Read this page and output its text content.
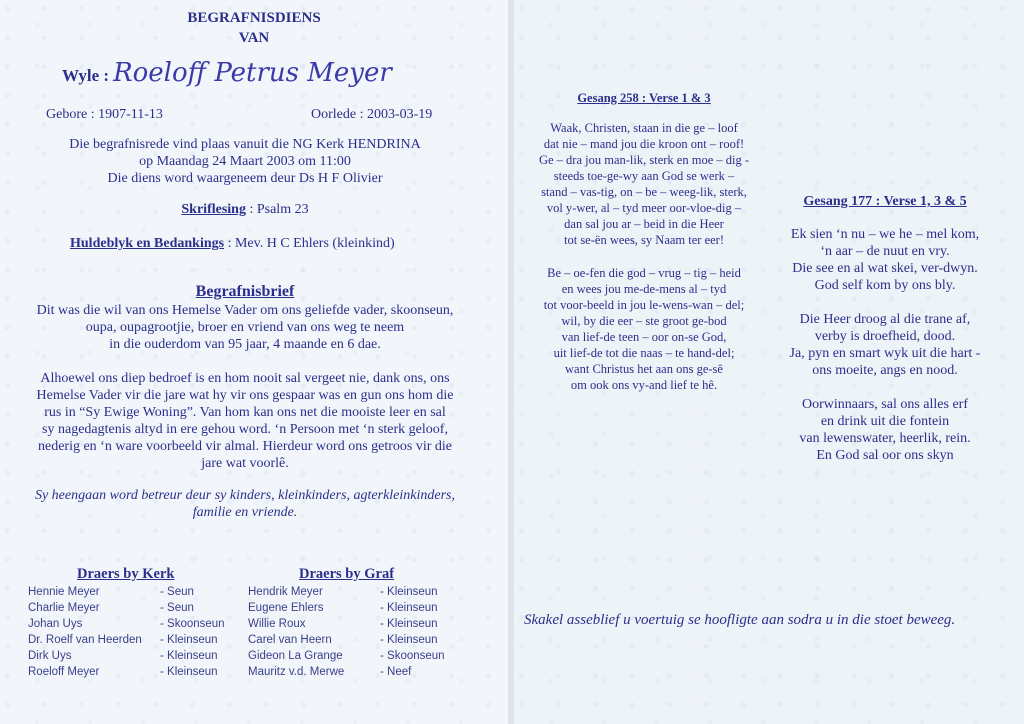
BEGRAFNISDIENS
VAN
Wyle : Roeloff Petrus Meyer
Gebore : 1907-11-13	Oorlede : 2003-03-19
Die begrafnisrede vind plaas vanuit die NG Kerk HENDRINA
op Maandag 24 Maart 2003 om 11:00
Die diens word waargeneem deur Ds H F Olivier
Skriflesing : Psalm 23
Huldeblyk en Bedankings : Mev. H C Ehlers (kleinkind)
Begrafnisbrief
Dit was die wil van ons Hemelse Vader om ons geliefde vader, skoonseun,
oupa, oupagrootjie, broer en vriend van ons weg te neem
in die ouderdom van 95 jaar, 4 maande en 6 dae.
Alhoewel ons diep bedroef is en hom nooit sal vergeet nie, dank ons, ons
Hemelse Vader vir die jare wat hy vir ons gespaar was en gun ons hom die
rus in “Sy Ewige Woning”. Van hom kan ons net die mooiste leer en sal
sy nagedagtenis altyd in ere gehou word. ‘n Persoon met ‘n sterk geloof,
nederig en ‘n ware voorbeeld vir almal. Hierdeur word ons getroos vir die
jare wat voorlê.
Sy heengaan word betreur deur sy kinders, kleinkinders, agterkleinkinders,
familie en vriende.
Draers by Kerk
Hennie Meyer	- Seun
Charlie Meyer	- Seun
Johan Uys	- Skoonseun
Dr. Roelf van Heerden	- Kleinseun
Dirk Uys	- Kleinseun
Roeloff Meyer	- Kleinseun
Draers by Graf
Hendrik Meyer	- Kleinseun
Eugene Ehlers	- Kleinseun
Willie Roux	- Kleinseun
Carel van Heern	- Kleinseun
Gideon La Grange	- Skoonseun
Mauritz v.d. Merwe	- Neef
Gesang 258 : Verse 1 & 3
Waak, Christen, staan in die ge – loof
dat nie – mand jou die kroon ont – roof!
Ge – dra jou man-lik, sterk en moe – dig -
steeds toe-ge-wy aan God se werk –
stand – vas-tig, on – be – weeg-lik, sterk,
vol y-wer, al – tyd meer oor-vloe-dig –
dan sal jou ar – beid in die Heer
tot se-ën wees, sy Naam ter eer!
Be – oe-fen die god – vrug – tig – heid
en wees jou me-de-mens al – tyd
tot voor-beeld in jou le-wens-wan – del;
wil, by die eer – ste groot ge-bod
van lief-de teen – oor on-se God,
uit lief-de tot die naas – te hand-del;
want Christus het aan ons ge-sê
om ook ons vy-and lief te hê.
Gesang 177 : Verse 1, 3 & 5
Ek sien ‘n nu – we he – mel kom,
‘n aar – de nuut en vry.
Die see en al wat skei, ver-dwyn.
God self kom by ons bly.
Die Heer droog al die trane af,
verby is droefheid, dood.
Ja, pyn en smart wyk uit die hart -
ons moeite, angs en nood.
Oorwinnaars, sal ons alles erf
en drink uit die fontein
van lewenswater, heerlik, rein.
En God sal oor ons skyn
Skakel asseblief u voertuig se hoofligte aan sodra u in die stoet beweeg.
